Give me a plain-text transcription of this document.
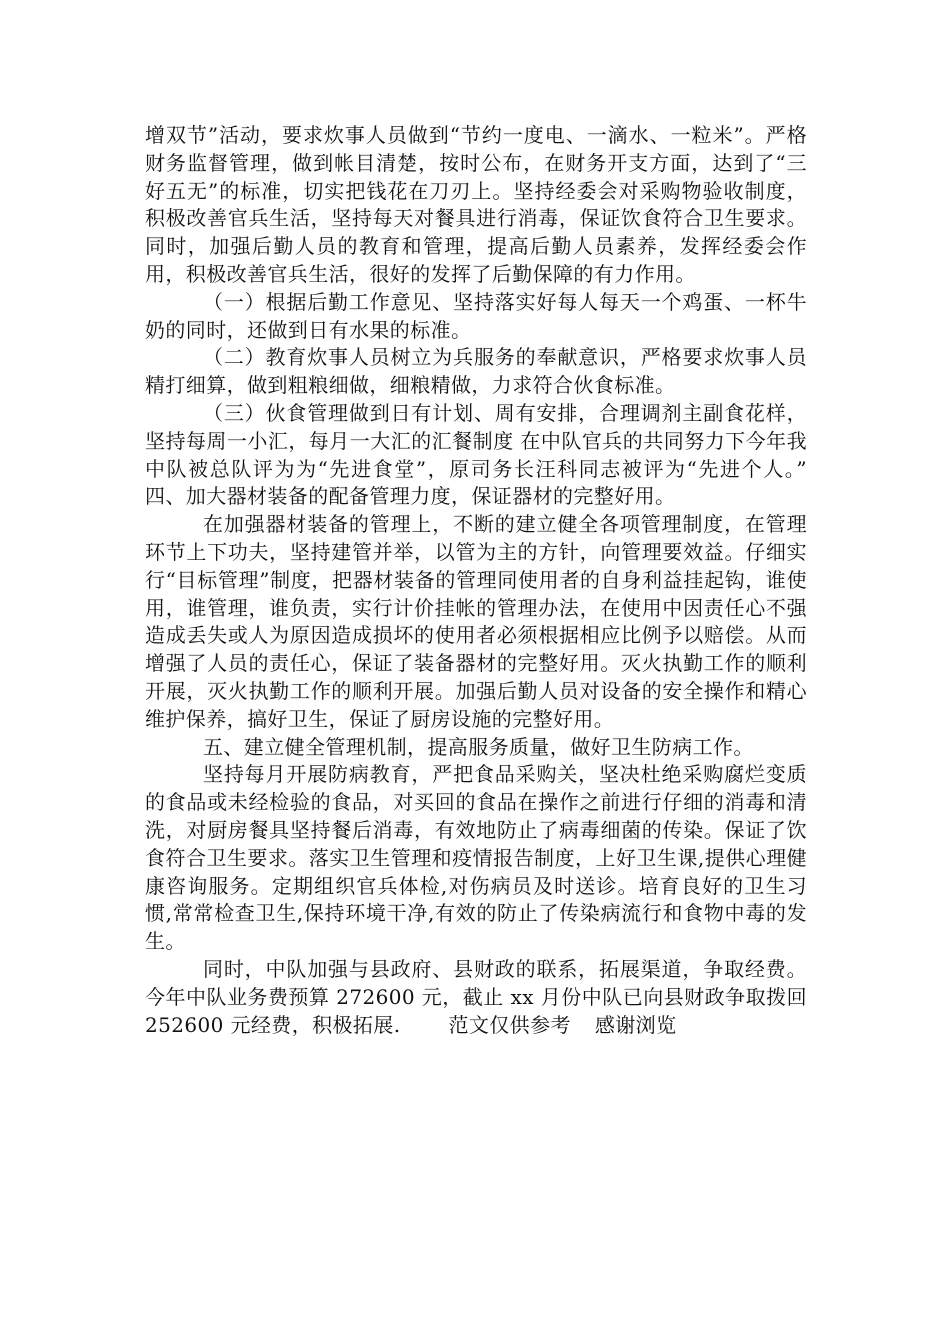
增双节”活动，要求炊事人员做到“节约一度电、一滴水、一粒米”。严格财务监督管理，做到帐目清楚，按时公布，在财务开支方面，达到了“三好五无”的标准，切实把钱花在刀刃上。坚持经委会对采购物验收制度，积极改善官兵生活，坚持每天对餐具进行消毒，保证饮食符合卫生要求。同时，加强后勤人员的教育和管理，提高后勤人员素养，发挥经委会作用，积极改善官兵生活，很好的发挥了后勤保障的有力作用。

（一）根据后勤工作意见、坚持落实好每人每天一个鸡蛋、一杯牛奶的同时，还做到日有水果的标准。

（二）教育炊事人员树立为兵服务的奉献意识，严格要求炊事人员精打细算，做到粗粮细做，细粮精做，力求符合伙食标准。

（三）伙食管理做到日有计划、周有安排，合理调剂主副食花样，坚持每周一小汇，每月一大汇的汇餐制度 在中队官兵的共同努力下今年我中队被总队评为为“先进食堂”，原司务长汪科同志被评为“先进个人。” 四、加大器材装备的配备管理力度，保证器材的完整好用。

在加强器材装备的管理上，不断的建立健全各项管理制度，在管理环节上下功夫，坚持建管并举，以管为主的方针，向管理要效益。仔细实行“目标管理”制度，把器材装备的管理同使用者的自身利益挂起钩，谁使用，谁管理，谁负责，实行计价挂帐的管理办法，在使用中因责任心不强造成丢失或人为原因造成损坏的使用者必须根据相应比例予以赔偿。从而增强了人员的责任心，保证了装备器材的完整好用。灭火执勤工作的顺利开展，灭火执勤工作的顺利开展。加强后勤人员对设备的安全操作和精心维护保养，搞好卫生，保证了厨房设施的完整好用。

五、建立健全管理机制，提高服务质量，做好卫生防病工作。

坚持每月开展防病教育，严把食品采购关，坚决杜绝采购腐烂变质的食品或未经检验的食品，对买回的食品在操作之前进行仔细的消毒和清洗，对厨房餐具坚持餐后消毒，有效地防止了病毒细菌的传染。保证了饮食符合卫生要求。落实卫生管理和疫情报告制度，上好卫生课,提供心理健康咨询服务。定期组织官兵体检,对伤病员及时送诊。培育良好的卫生习惯,常常检查卫生,保持环境干净,有效的防止了传染病流行和食物中毒的发生。

同时，中队加强与县政府、县财政的联系，拓展渠道，争取经费。今年中队业务费预算 272600 元，截止 xx 月份中队已向县财政争取拨回 252600 元经费，积极拓展. 范文仅供参考 感谢浏览
